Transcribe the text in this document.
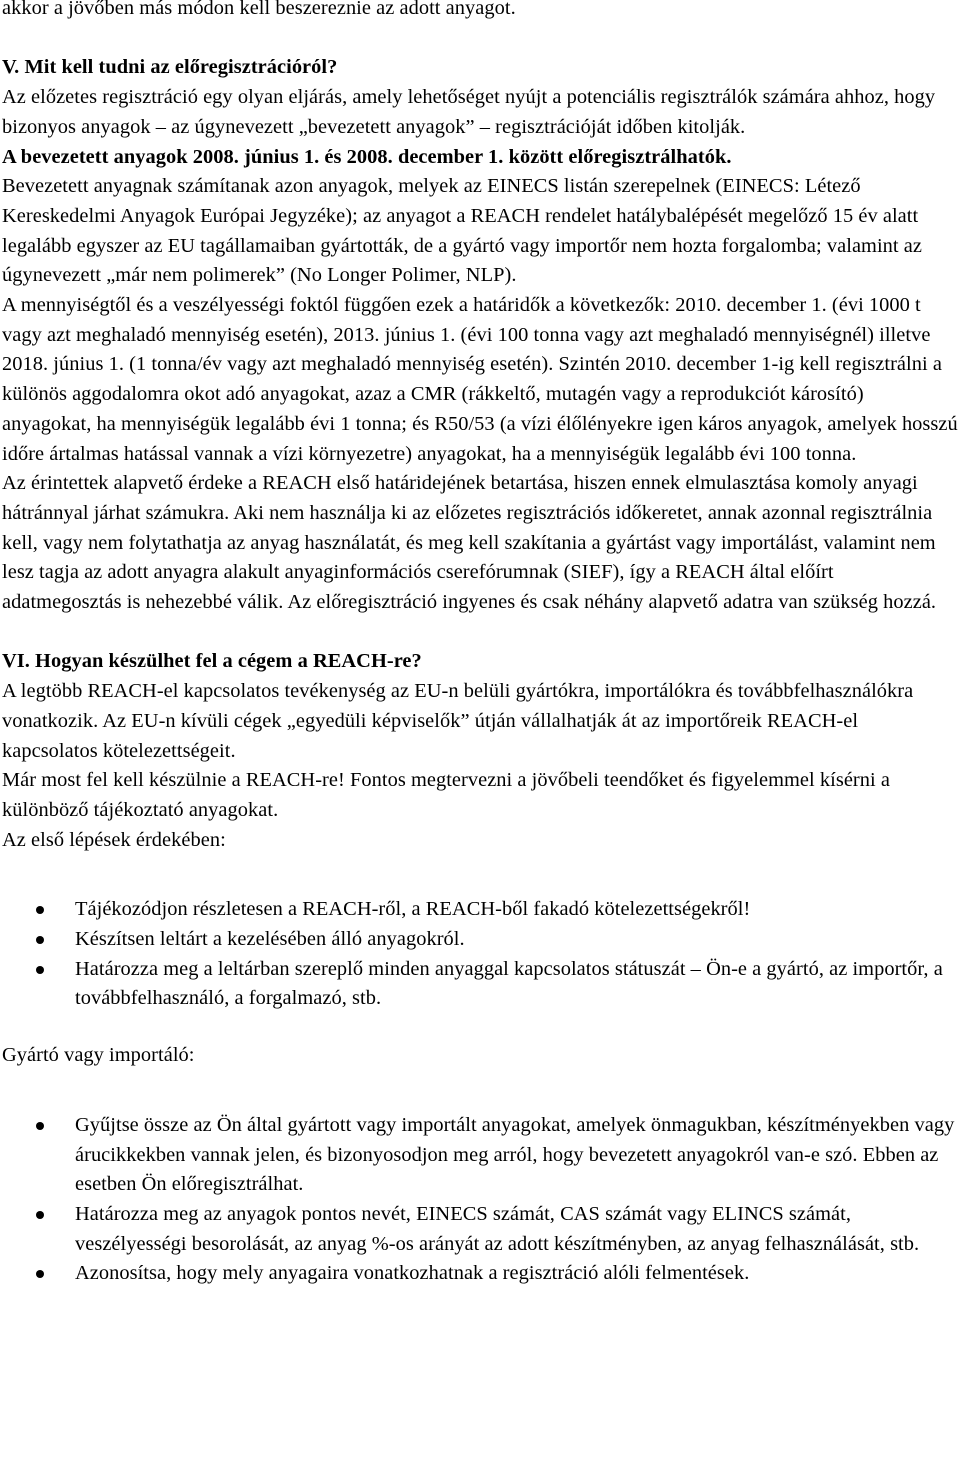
akkor a jövőben más módon kell beszereznie az adott anyagot.

V. Mit kell tudni az előregisztrációról?

Az előzetes regisztráció egy olyan eljárás, amely lehetőséget nyújt a potenciális regisztrálók számára ahhoz, hogy bizonyos anyagok – az úgynevezett „bevezetett anyagok” – regisztrációját időben kitolják.

A bevezetett anyagok 2008. június 1. és 2008. december 1. között előregisztrálhatók.

Bevezetett anyagnak számítanak azon anyagok, melyek az EINECS listán szerepelnek (EINECS: Létező Kereskedelmi Anyagok Európai Jegyzéke); az anyagot a REACH rendelet hatálybalépését megelőző 15 év alatt legalább egyszer az EU tagállamaiban gyártották, de a gyártó vagy importőr nem hozta forgalomba; valamint az úgynevezett „már nem polimerek” (No Longer Polimer, NLP).

A mennyiségtől és a veszélyességi foktól függően ezek a határidők a következők: 2010. december 1. (évi 1000 t vagy azt meghaladó mennyiség esetén), 2013. június 1. (évi 100 tonna vagy azt meghaladó mennyiségnél) illetve 2018. június 1. (1 tonna/év vagy azt meghaladó mennyiség esetén). Szintén 2010. december 1-ig kell regisztrálni a különös aggodalomra okot adó anyagokat, azaz a CMR (rákkeltő, mutagén vagy a reprodukciót károsító) anyagokat, ha mennyiségük legalább évi 1 tonna; és R50/53 (a vízi élőlényekre igen káros anyagok, amelyek hosszú időre ártalmas hatással vannak a vízi környezetre) anyagokat, ha a mennyiségük legalább évi 100 tonna.

Az érintettek alapvető érdeke a REACH első határidejének betartása, hiszen ennek elmulasztása komoly anyagi hátránnyal járhat számukra. Aki nem használja ki az előzetes regisztrációs időkeretet, annak azonnal regisztrálnia kell, vagy nem folytathatja az anyag használatát, és meg kell szakítania a gyártást vagy importálást, valamint nem lesz tagja az adott anyagra alakult anyaginformációs cserefórumnak (SIEF), így a REACH által előírt adatmegosztás is nehezebbé válik. Az előregisztráció ingyenes és csak néhány alapvető adatra van szükség hozzá.

VI. Hogyan készülhet fel a cégem a REACH-re?

A legtöbb REACH-el kapcsolatos tevékenység az EU-n belüli gyártókra, importálókra és továbbfelhasználókra vonatkozik. Az EU-n kívüli cégek „egyedüli képviselők” útján vállalhatják át az importőreik REACH-el kapcsolatos kötelezettségeit.

Már most fel kell készülnie a REACH-re! Fontos megtervezni a jövőbeli teendőket és figyelemmel kísérni a különböző tájékoztató anyagokat.

Az első lépések érdekében:

Tájékozódjon részletesen a REACH-ről, a REACH-ből fakadó kötelezettségekről!
Készítsen leltárt a kezelésében álló anyagokról.
Határozza meg a leltárban szereplő minden anyaggal kapcsolatos státuszát – Ön-e a gyártó, az importőr, a továbbfelhasználó, a forgalmazó, stb.

Gyártó vagy importáló:

Gyűjtse össze az Ön által gyártott vagy importált anyagokat, amelyek önmagukban, készítményekben vagy árucikkekben vannak jelen, és bizonyosodjon meg arról, hogy bevezetett anyagokról van-e szó. Ebben az esetben Ön előregisztrálhat.
Határozza meg az anyagok pontos nevét, EINECS számát, CAS számát vagy ELINCS számát, veszélyességi besorolását, az anyag %-os arányát az adott készítményben, az anyag felhasználását, stb.
Azonosítsa, hogy mely anyagaira vonatkozhatnak a regisztráció alóli felmentések.
